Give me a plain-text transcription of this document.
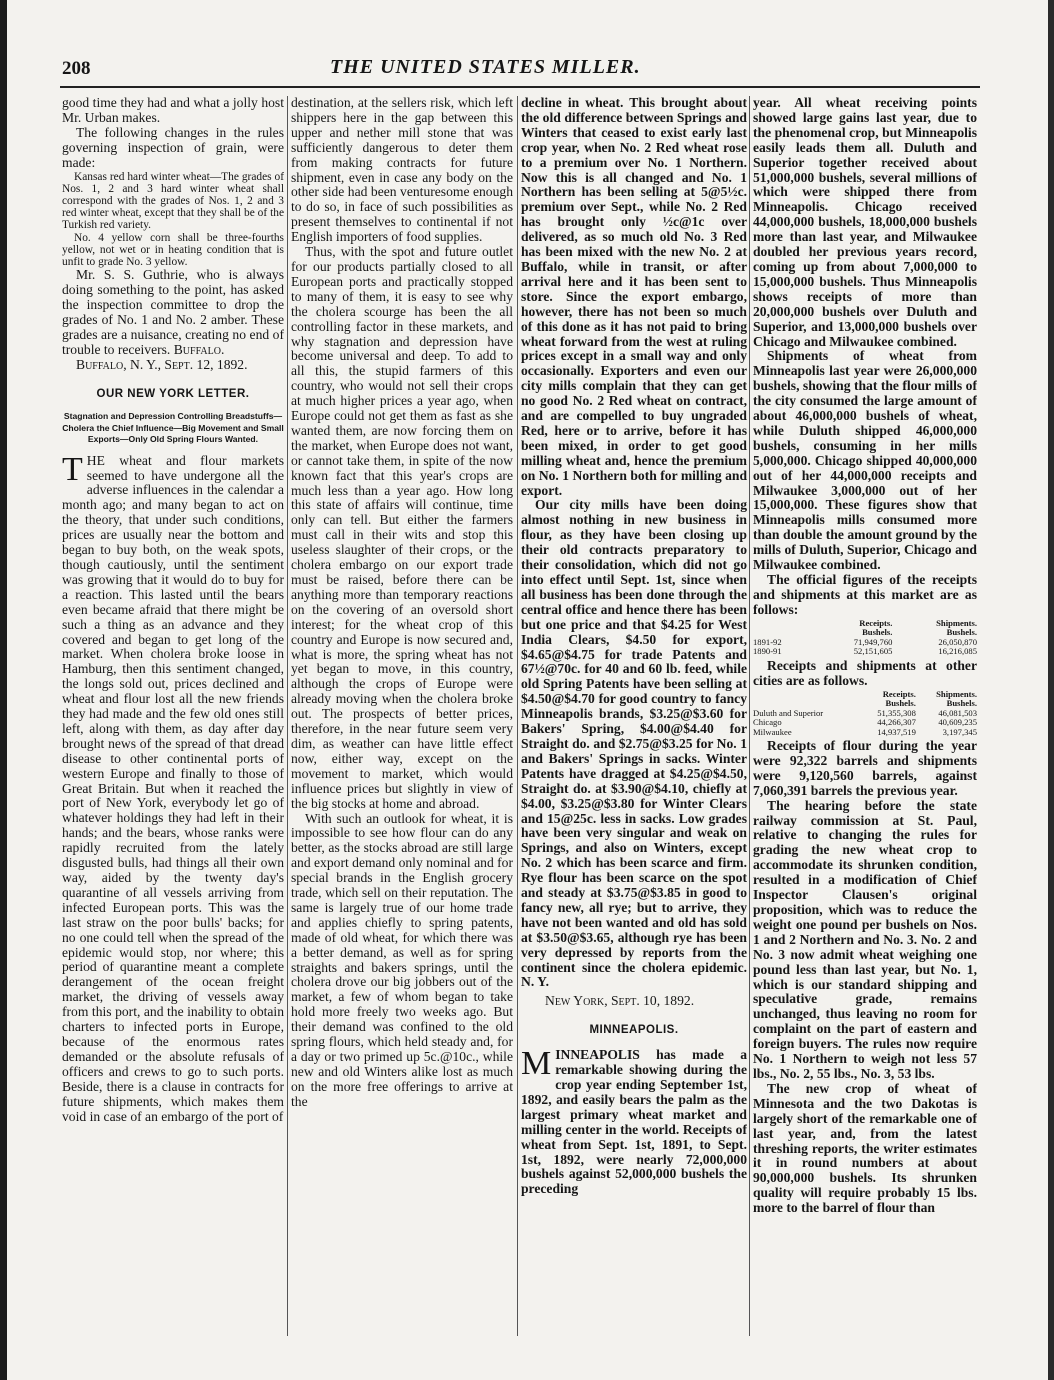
208	THE UNITED STATES MILLER.

good time they had and what a jolly host Mr. Urban makes.

The following changes in the rules governing inspection of grain, were made:

Kansas red hard winter wheat—The grades of Nos. 1, 2 and 3 hard winter wheat shall correspond with the grades of Nos. 1, 2 and 3 red winter wheat, except that they shall be of the Turkish red variety.

No. 4 yellow corn shall be three-fourths yellow, not wet or in heating condition that is unfit to grade No. 3 yellow.

Mr. S. S. Guthrie, who is always doing something to the point, has asked the inspection committee to drop the grades of No. 1 and No. 2 amber. These grades are a nuisance, creating no end of trouble to receivers. Buffalo.

Buffalo, N. Y., Sept. 12, 1892.

OUR NEW YORK LETTER.
Stagnation and Depression Controlling Breadstuffs—Cholera the Chief Influence—Big Movement and Small Exports—Only Old Spring Flours Wanted.

THE wheat and flour markets seemed to have undergone all the adverse influences in the calendar a month ago; and many began to act on the theory, that under such conditions, prices are usually near the bottom and began to buy both, on the weak spots, though cautiously, until the sentiment was growing that it would do to buy for a reaction. This lasted until the bears even became afraid that there might be such a thing as an advance and they covered and began to get long of the market. When cholera broke loose in Hamburg, then this sentiment changed, the longs sold out, prices declined and wheat and flour lost all the new friends they had made and the few old ones still left, along with them, as day after day brought news of the spread of that dread disease to other continental ports of western Europe and finally to those of Great Britain. But when it reached the port of New York, everybody let go of whatever holdings they had left in their hands; and the bears, whose ranks were rapidly recruited from the lately disgusted bulls, had things all their own way, aided by the twenty day's quarantine of all vessels arriving from infected European ports. This was the last straw on the poor bulls' backs; for no one could tell when the spread of the epidemic would stop, nor where; this period of quarantine meant a complete derangement of the ocean freight market, the driving of vessels away from this port, and the inability to obtain charters to infected ports in Europe, because of the enormous rates demanded or the absolute refusals of officers and crews to go to such ports. Beside, there is a clause in contracts for future shipments, which makes them void in case of an embargo of the port of

destination, at the sellers risk, which left shippers here in the gap between this upper and nether mill stone that was sufficiently dangerous to deter them from making contracts for future shipment, even in case any body on the other side had been venturesome enough to do so, in face of such possibilities as present themselves to continental if not English importers of food supplies.

Thus, with the spot and future outlet for our products partially closed to all European ports and practically stopped to many of them, it is easy to see why the cholera scourge has been the all controlling factor in these markets, and why stagnation and depression have become universal and deep. To add to all this, the stupid farmers of this country, who would not sell their crops at much higher prices a year ago, when Europe could not get them as fast as she wanted them, are now forcing them on the market, when Europe does not want, or cannot take them, in spite of the now known fact that this year's crops are much less than a year ago. How long this state of affairs will continue, time only can tell. But either the farmers must call in their wits and stop this useless slaughter of their crops, or the cholera embargo on our export trade must be raised, before there can be anything more than temporary reactions on the covering of an oversold short interest; for the wheat crop of this country and Europe is now secured and, what is more, the spring wheat has not yet began to move, in this country, although the crops of Europe were already moving when the cholera broke out. The prospects of better prices, therefore, in the near future seem very dim, as weather can have little effect now, either way, except on the movement to market, which would influence prices but slightly in view of the big stocks at home and abroad.

With such an outlook for wheat, it is impossible to see how flour can do any better, as the stocks abroad are still large and export demand only nominal and for special brands in the English grocery trade, which sell on their reputation. The same is largely true of our home trade and applies chiefly to spring patents, made of old wheat, for which there was a better demand, as well as for spring straights and bakers springs, until the cholera drove our big jobbers out of the market, a few of whom began to take hold more freely two weeks ago. But their demand was confined to the old spring flours, which held steady and, for a day or two primed up 5c.@10c., while new and old Winters alike lost as much on the more free offerings to arrive at the

decline in wheat. This brought about the old difference between Springs and Winters that ceased to exist early last crop year, when No. 2 Red wheat rose to a premium over No. 1 Northern. Now this is all changed and No. 1 Northern has been selling at 5@5½c. premium over Sept., while No. 2 Red has brought only ½c@1c over delivered, as so much old No. 3 Red has been mixed with the new No. 2 at Buffalo, while in transit, or after arrival here and it has been sent to store. Since the export embargo, however, there has not been so much of this done as it has not paid to bring wheat forward from the west at ruling prices except in a small way and only occasionally. Exporters and even our city mills complain that they can get no good No. 2 Red wheat on contract, and are compelled to buy ungraded Red, here or to arrive, before it has been mixed, in order to get good milling wheat and, hence the premium on No. 1 Northern both for milling and export.

Our city mills have been doing almost nothing in new business in flour, as they have been closing up their old contracts preparatory to their consolidation, which did not go into effect until Sept. 1st, since when all business has been done through the central office and hence there has been but one price and that $4.25 for West India Clears, $4.50 for export, $4.65@$4.75 for trade Patents and 67½@70c. for 40 and 60 lb. feed, while old Spring Patents have been selling at $4.50@$4.70 for good country to fancy Minneapolis brands, $3.25@$3.60 for Bakers' Spring, $4.00@$4.40 for Straight do. and $2.75@$3.25 for No. 1 and Bakers' Springs in sacks. Winter Patents have dragged at $4.25@$4.50, Straight do. at $3.90@$4.10, chiefly at $4.00, $3.25@$3.80 for Winter Clears and 15@25c. less in sacks. Low grades have been very singular and weak on Springs, and also on Winters, except No. 2 which has been scarce and firm. Rye flour has been scarce on the spot and steady at $3.75@$3.85 in good to fancy new, all rye; but to arrive, they have not been wanted and old has sold at $3.50@$3.65, although rye has been very depressed by reports from the continent since the cholera epidemic. N. Y.

New York, Sept. 10, 1892.

MINNEAPOLIS.

MINNEAPOLIS has made a remarkable showing during the crop year ending September 1st, 1892, and easily bears the palm as the largest primary wheat market and milling center in the world. Receipts of wheat from Sept. 1st, 1891, to Sept. 1st, 1892, were nearly 72,000,000 bushels against 52,000,000 bushels the preceding

year. All wheat receiving points showed large gains last year, due to the phenomenal crop, but Minneapolis easily leads them all. Duluth and Superior together received about 51,000,000 bushels, several millions of which were shipped there from Minneapolis. Chicago received 44,000,000 bushels, 18,000,000 bushels more than last year, and Milwaukee doubled her previous years record, coming up from about 7,000,000 to 15,000,000 bushels. Thus Minneapolis shows receipts of more than 20,000,000 bushels over Duluth and Superior, and 13,000,000 bushels over Chicago and Milwaukee combined.

Shipments of wheat from Minneapolis last year were 26,000,000 bushels, showing that the flour mills of the city consumed the large amount of about 46,000,000 bushels of wheat, while Duluth shipped 46,000,000 bushels, consuming in her mills 5,000,000. Chicago shipped 40,000,000 out of her 44,000,000 receipts and Milwaukee 3,000,000 out of her 15,000,000. These figures show that Minneapolis mills consumed more than double the amount ground by the mills of Duluth, Superior, Chicago and Milwaukee combined.

The official figures of the receipts and shipments at this market are as follows:

	Receipts.	Shipments.
	Bushels.	Bushels.
1891-92	71,949,760	26,050,870
1890-91	52,151,605	16,216,085

Receipts and shipments at other cities are as follows.

	Receipts.	Shipments.
	Bushels.	Bushels.
Duluth and Superior	51,355,308	46,081,503
Chicago	44,266,307	40,609,235
Milwaukee	14,937,519	3,197,345

Receipts of flour during the year were 92,322 barrels and shipments were 9,120,560 barrels, against 7,060,391 barrels the previous year.

The hearing before the state railway commission at St. Paul, relative to changing the rules for grading the new wheat crop to accommodate its shrunken condition, resulted in a modification of Chief Inspector Clausen's original proposition, which was to reduce the weight one pound per bushels on Nos. 1 and 2 Northern and No. 3. No. 2 and No. 3 now admit wheat weighing one pound less than last year, but No. 1, which is our standard shipping and speculative grade, remains unchanged, thus leaving no room for complaint on the part of eastern and foreign buyers. The rules now require No. 1 Northern to weigh not less 57 lbs., No. 2, 55 lbs., No. 3, 53 lbs.

The new crop of wheat of Minnesota and the two Dakotas is largely short of the remarkable one of last year, and, from the latest threshing reports, the writer estimates it in round numbers at about 90,000,000 bushels. Its shrunken quality will require probably 15 lbs. more to the barrel of flour than
